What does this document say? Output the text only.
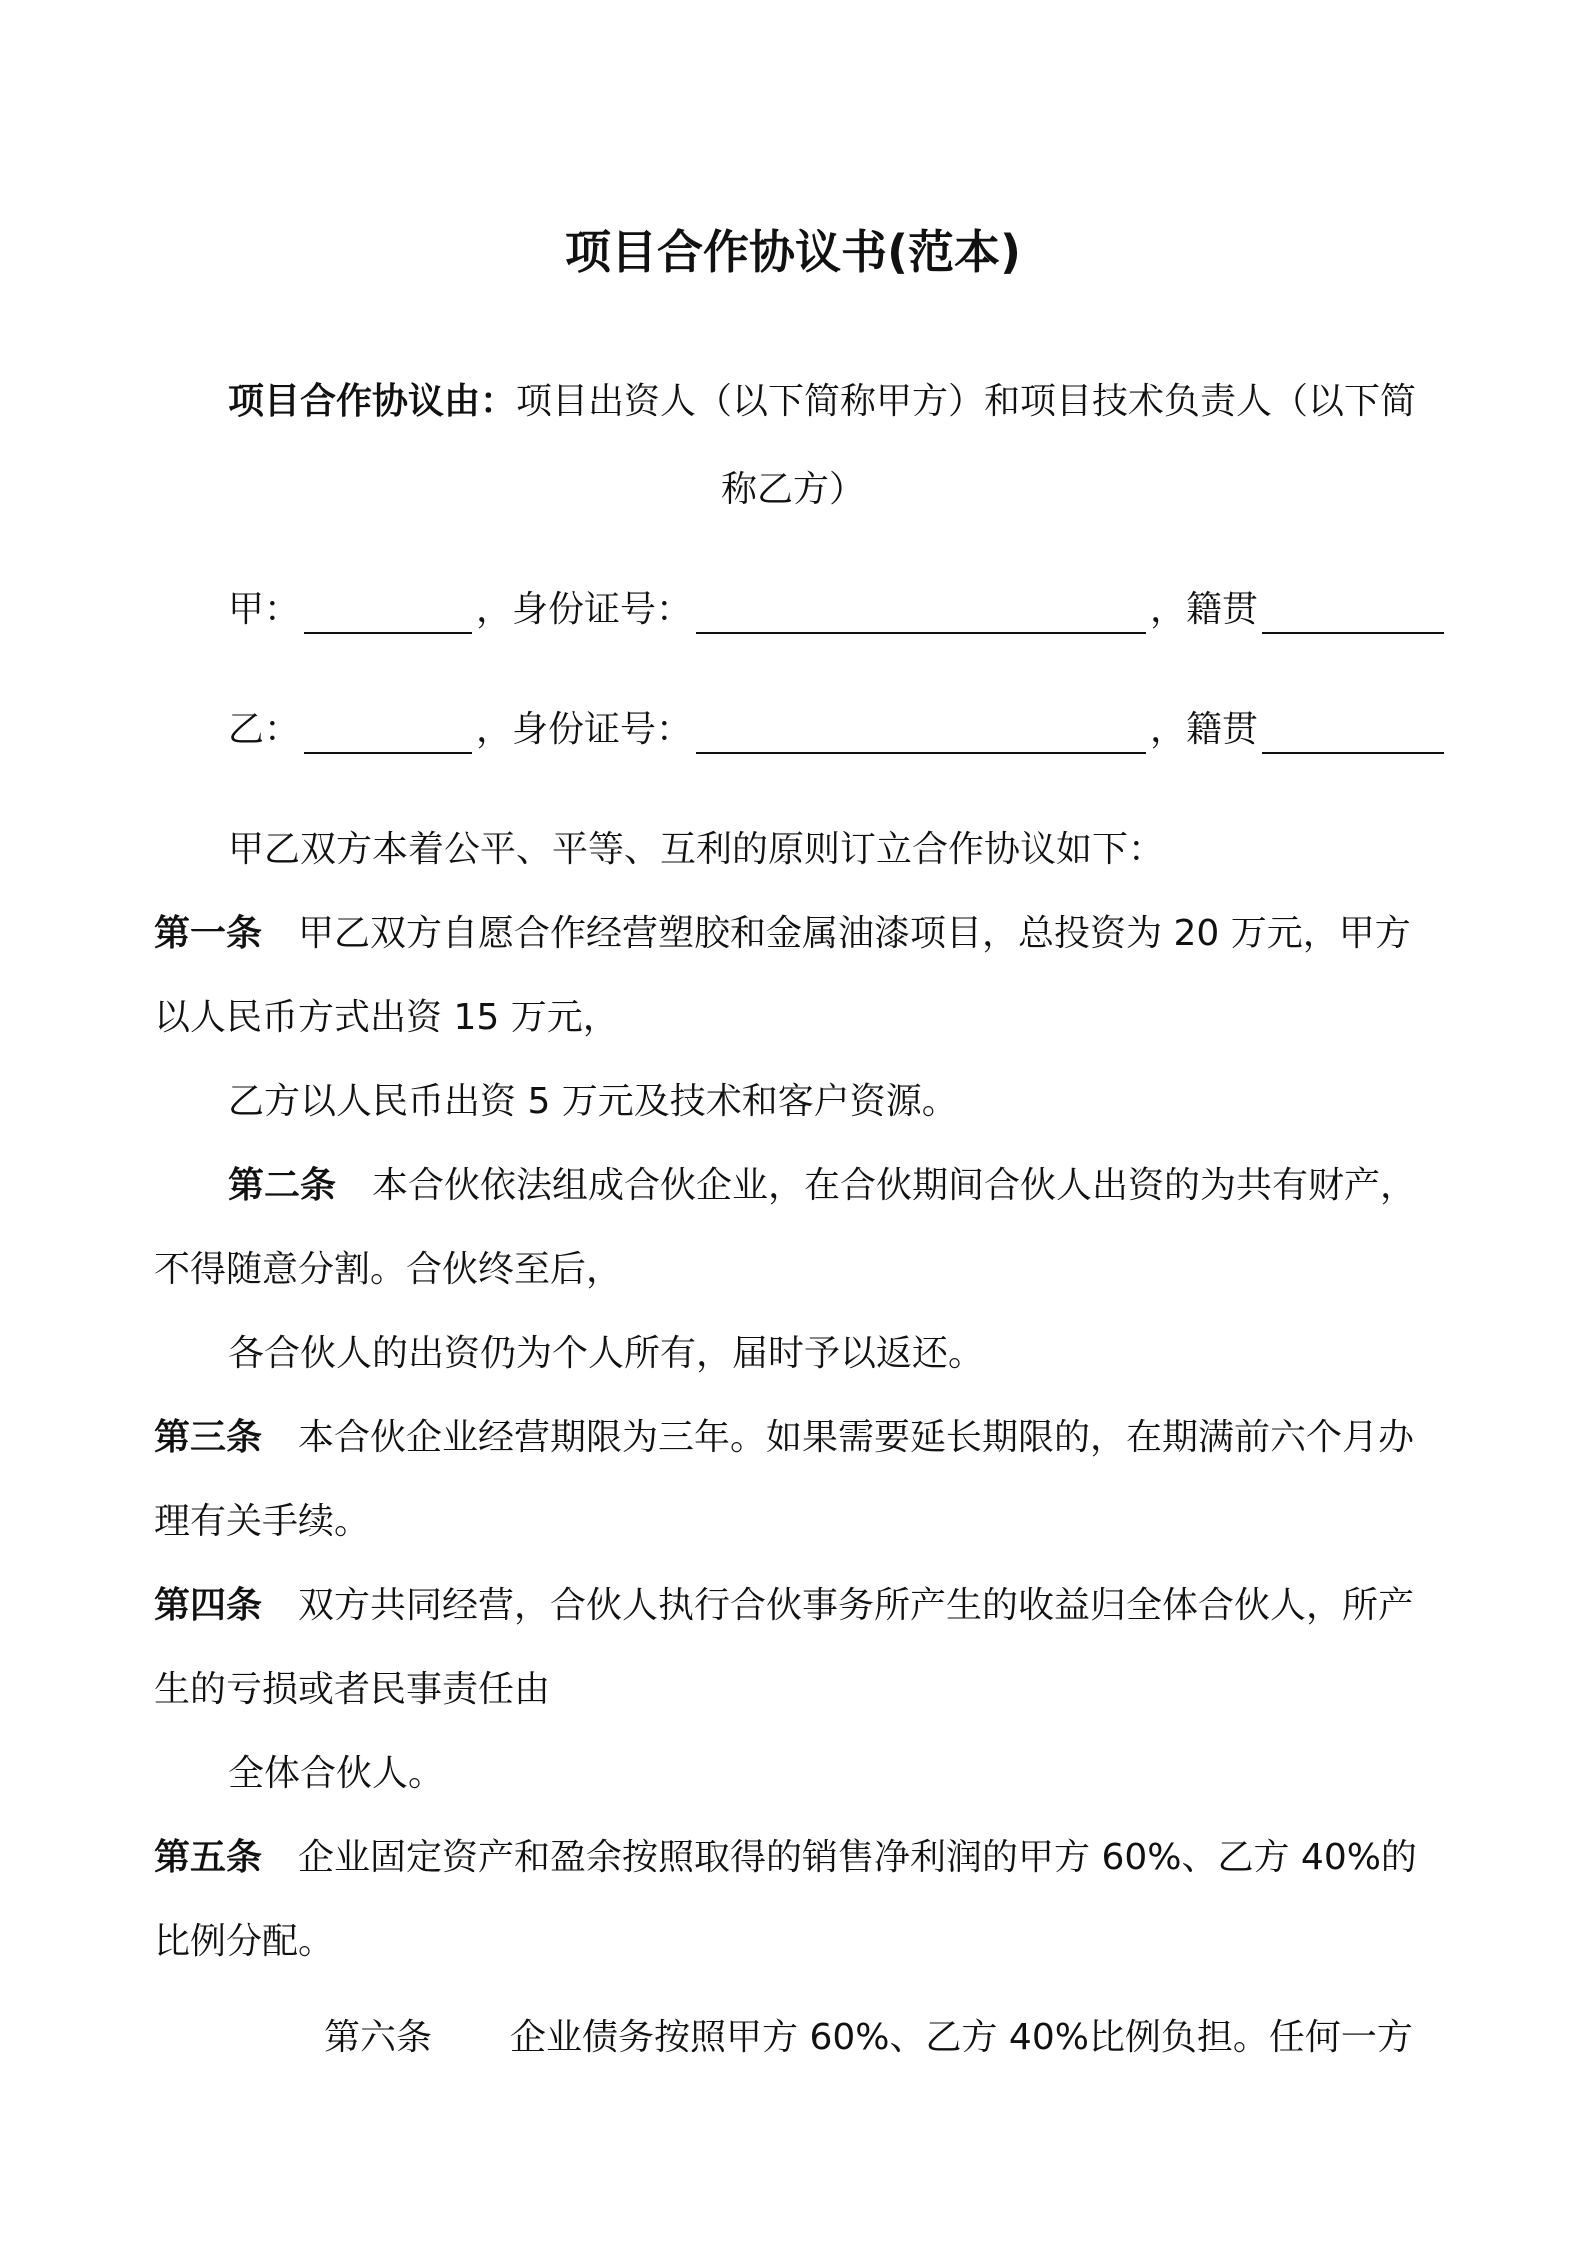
项目合作协议书(范本)
项目合作协议由：项目出资人（以下简称甲方）和项目技术负责人（以下简
称乙方）
甲：	，身份证号：	，籍贯
乙：	，身份证号：	，籍贯
甲乙双方本着公平、平等、互利的原则订立合作协议如下：
第一条 甲乙双方自愿合作经营塑胶和金属油漆项目，总投资为 20 万元，甲方
以人民币方式出资 15 万元，
乙方以人民币出资 5 万元及技术和客户资源。
第二条 本合伙依法组成合伙企业，在合伙期间合伙人出资的为共有财产，
不得随意分割。合伙终至后，
各合伙人的出资仍为个人所有，届时予以返还。
第三条 本合伙企业经营期限为三年。如果需要延长期限的，在期满前六个月办
理有关手续。
第四条 双方共同经营，合伙人执行合伙事务所产生的收益归全体合伙人，所产
生的亏损或者民事责任由
全体合伙人。
第五条 企业固定资产和盈余按照取得的销售净利润的甲方 60%、乙方 40%的
比例分配。
第六条 企业债务按照甲方 60%、乙方 40%比例负担。任何一方
